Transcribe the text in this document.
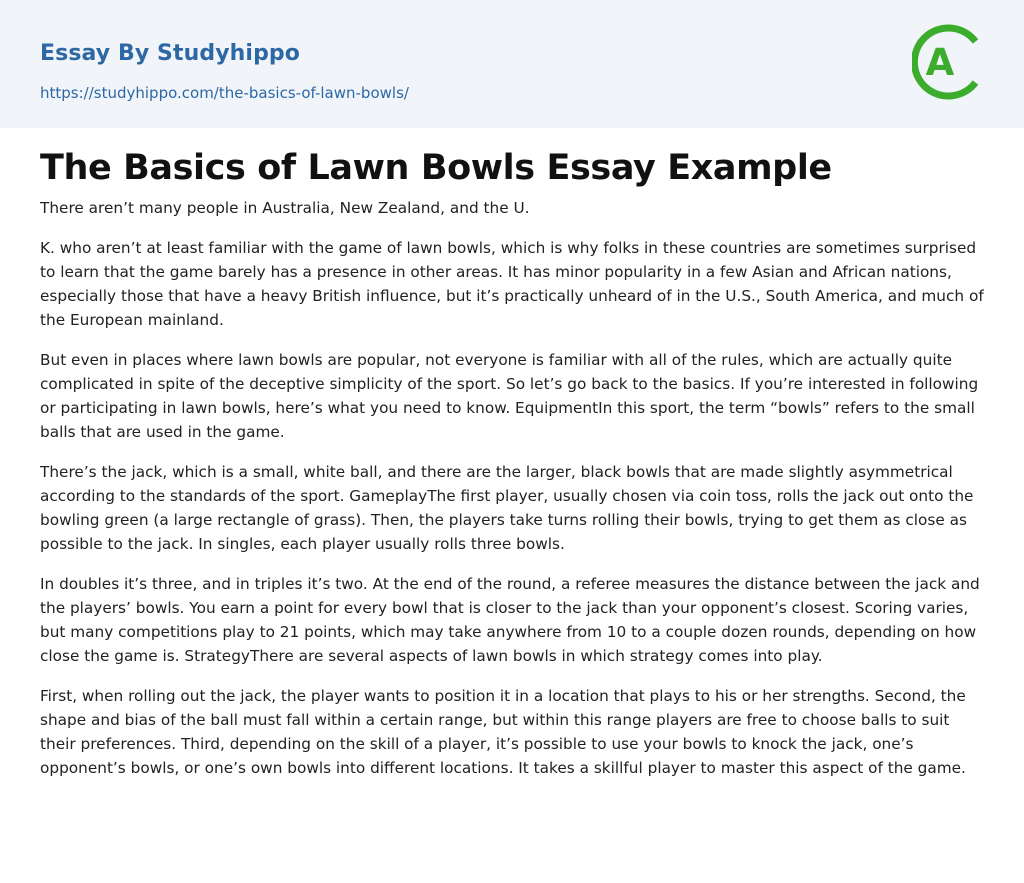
Essay By Studyhippo
https://studyhippo.com/the-basics-of-lawn-bowls/
A
The Basics of Lawn Bowls Essay Example

There aren’t many people in Australia, New Zealand, and the U.

K. who aren’t at least familiar with the game of lawn bowls, which is why folks in these countries are sometimes surprised to learn that the game barely has a presence in other areas. It has minor popularity in a few Asian and African nations, especially those that have a heavy British influence, but it’s practically unheard of in the U.S., South America, and much of the European mainland.

But even in places where lawn bowls are popular, not everyone is familiar with all of the rules, which are actually quite complicated in spite of the deceptive simplicity of the sport. So let’s go back to the basics. If you’re interested in following or participating in lawn bowls, here’s what you need to know. EquipmentIn this sport, the term “bowls” refers to the small balls that are used in the game.

There’s the jack, which is a small, white ball, and there are the larger, black bowls that are made slightly asymmetrical according to the standards of the sport. GameplayThe first player, usually chosen via coin toss, rolls the jack out onto the bowling green (a large rectangle of grass). Then, the players take turns rolling their bowls, trying to get them as close as possible to the jack. In singles, each player usually rolls three bowls.

In doubles it’s three, and in triples it’s two. At the end of the round, a referee measures the distance between the jack and the players’ bowls. You earn a point for every bowl that is closer to the jack than your opponent’s closest. Scoring varies, but many competitions play to 21 points, which may take anywhere from 10 to a couple dozen rounds, depending on how close the game is. StrategyThere are several aspects of lawn bowls in which strategy comes into play.

First, when rolling out the jack, the player wants to position it in a location that plays to his or her strengths. Second, the shape and bias of the ball must fall within a certain range, but within this range players are free to choose balls to suit their preferences. Third, depending on the skill of a player, it’s possible to use your bowls to knock the jack, one’s opponent’s bowls, or one’s own bowls into different locations. It takes a skillful player to master this aspect of the game.
